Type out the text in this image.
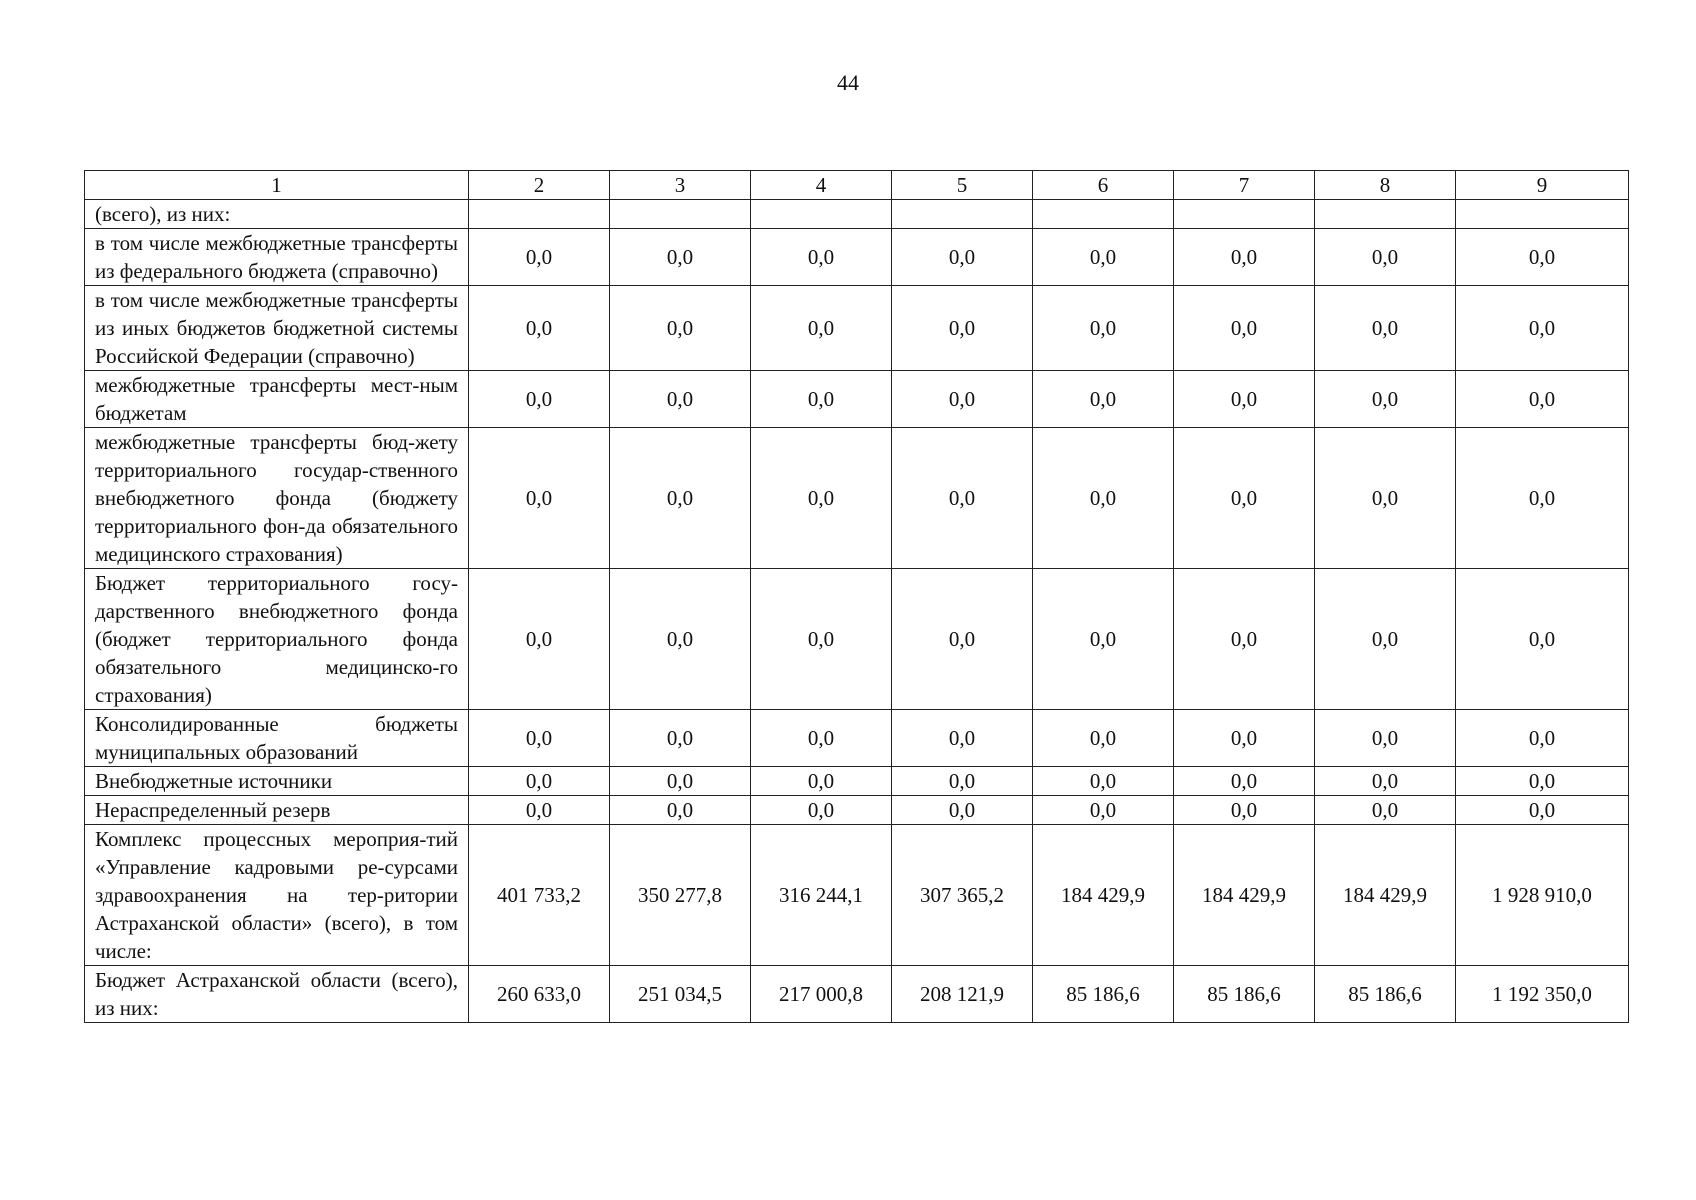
44
1	2	3	4	5	6	7	8	9
(всего), из них:								
в том числе межбюджетные трансферты из федерального бюджета (справочно)	0,0	0,0	0,0	0,0	0,0	0,0	0,0	0,0
в том числе межбюджетные трансферты из иных бюджетов бюджетной системы Российской Федерации (справочно)	0,0	0,0	0,0	0,0	0,0	0,0	0,0	0,0
межбюджетные трансферты мест-ным бюджетам	0,0	0,0	0,0	0,0	0,0	0,0	0,0	0,0
межбюджетные трансферты бюд-жету территориального государ-ственного внебюджетного фонда (бюджету территориального фон-да обязательного медицинского страхования)	0,0	0,0	0,0	0,0	0,0	0,0	0,0	0,0
Бюджет территориального госу-дарственного внебюджетного фонда (бюджет территориального фонда обязательного медицинско-го страхования)	0,0	0,0	0,0	0,0	0,0	0,0	0,0	0,0
Консолидированные бюджеты муниципальных образований	0,0	0,0	0,0	0,0	0,0	0,0	0,0	0,0
Внебюджетные источники	0,0	0,0	0,0	0,0	0,0	0,0	0,0	0,0
Нераспределенный резерв	0,0	0,0	0,0	0,0	0,0	0,0	0,0	0,0
Комплекс процессных мероприя-тий «Управление кадровыми ре-сурсами здравоохранения на тер-ритории Астраханской области» (всего), в том числе:	401 733,2	350 277,8	316 244,1	307 365,2	184 429,9	184 429,9	184 429,9	1 928 910,0
Бюджет Астраханской области (всего), из них:	260 633,0	251 034,5	217 000,8	208 121,9	85 186,6	85 186,6	85 186,6	1 192 350,0
